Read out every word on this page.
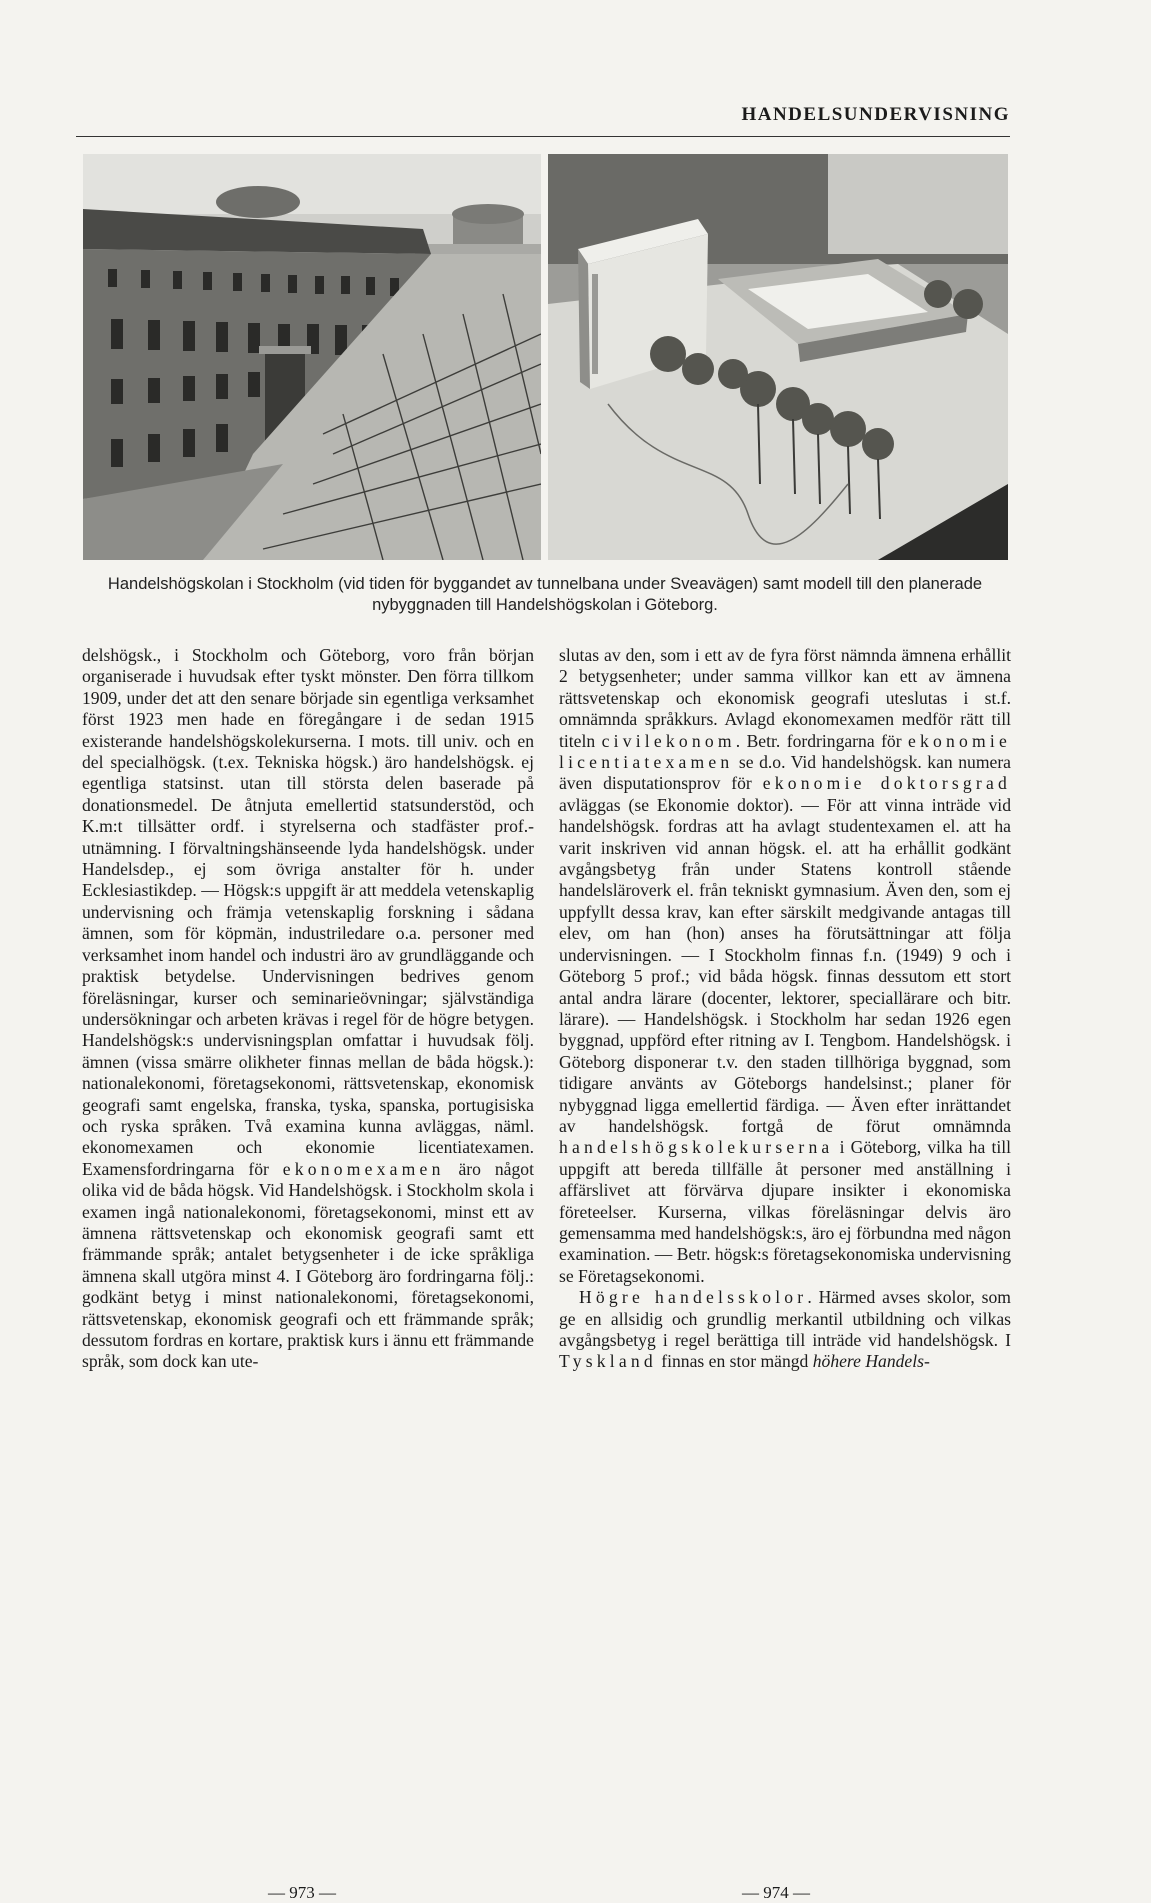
HANDELSUNDERVISNING
Handelshögskolan i Stockholm (vid tiden för byggandet av tunnelbana under Sveavägen) samt modell till den planerade nybyggnaden till Handelshögskolan i Göteborg.

delshögsk., i Stockholm och Göteborg, voro från början organiserade i huvudsak efter tyskt mönster. Den förra tillkom 1909, under det att den senare började sin egentliga verksamhet först 1923 men hade en föregångare i de sedan 1915 existerande handelshögskolekurserna. I mots. till univ. och en del specialhögsk. (t.ex. Tekniska högsk.) äro handelshögsk. ej egentliga statsinst. utan till största delen baserade på donationsmedel. De åtnjuta emellertid statsunderstöd, och K.m:t tillsätter ordf. i styrelserna och stadfäster prof.-utnämning. I förvaltningshänseende lyda handelshögsk. under Handelsdep., ej som övriga anstalter för h. under Ecklesiastikdep. — Högsk:s uppgift är att meddela vetenskaplig undervisning och främja vetenskaplig forskning i sådana ämnen, som för köpmän, industriledare o.a. personer med verksamhet inom handel och industri äro av grundläggande och praktisk betydelse. Undervisningen bedrives genom föreläsningar, kurser och seminarieövningar; självständiga undersökningar och arbeten krävas i regel för de högre betygen. Handelshögsk:s undervisningsplan omfattar i huvudsak följ. ämnen (vissa smärre olikheter finnas mellan de båda högsk.): nationalekonomi, företagsekonomi, rättsvetenskap, ekonomisk geografi samt engelska, franska, tyska, spanska, portugisiska och ryska språken. Två examina kunna avläggas, näml. ekonomexamen och ekonomie licentiatexamen. Examensfordringarna för ekonomexamen äro något olika vid de båda högsk. Vid Handelshögsk. i Stockholm skola i examen ingå nationalekonomi, företagsekonomi, minst ett av ämnena rättsvetenskap och ekonomisk geografi samt ett främmande språk; antalet betygsenheter i de icke språkliga ämnena skall utgöra minst 4. I Göteborg äro fordringarna följ.: godkänt betyg i minst nationalekonomi, företagsekonomi, rättsvetenskap, ekonomisk geografi och ett främmande språk; dessutom fordras en kortare, praktisk kurs i ännu ett främmande språk, som dock kan ute-

slutas av den, som i ett av de fyra först nämnda ämnena erhållit 2 betygsenheter; under samma villkor kan ett av ämnena rättsvetenskap och ekonomisk geografi uteslutas i st.f. omnämnda språkkurs. Avlagd ekonomexamen medför rätt till titeln civilekonom. Betr. fordringarna för ekonomie licentiatexamen se d.o. Vid handelshögsk. kan numera även disputationsprov för ekonomie doktorsgrad avläggas (se Ekonomie doktor). — För att vinna inträde vid handelshögsk. fordras att ha avlagt studentexamen el. att ha varit inskriven vid annan högsk. el. att ha erhållit godkänt avgångsbetyg från under Statens kontroll stående handelsläroverk el. från tekniskt gymnasium. Även den, som ej uppfyllt dessa krav, kan efter särskilt medgivande antagas till elev, om han (hon) anses ha förutsättningar att följa undervisningen. — I Stockholm finnas f.n. (1949) 9 och i Göteborg 5 prof.; vid båda högsk. finnas dessutom ett stort antal andra lärare (docenter, lektorer, speciallärare och bitr. lärare). — Handelshögsk. i Stockholm har sedan 1926 egen byggnad, uppförd efter ritning av I. Tengbom. Handelshögsk. i Göteborg disponerar t.v. den staden tillhöriga byggnad, som tidigare använts av Göteborgs handelsinst.; planer för nybyggnad ligga emellertid färdiga. — Även efter inrättandet av handelshögsk. fortgå de förut omnämnda handelshögskolekurserna i Göteborg, vilka ha till uppgift att bereda tillfälle åt personer med anställning i affärslivet att förvärva djupare insikter i ekonomiska företeelser. Kurserna, vilkas föreläsningar delvis äro gemensamma med handelshögsk:s, äro ej förbundna med någon examination. — Betr. högsk:s företagsekonomiska undervisning se Företagsekonomi.

Högre handelsskolor. Härmed avses skolor, som ge en allsidig och grundlig merkantil utbildning och vilkas avgångsbetyg i regel berättiga till inträde vid handelshögsk. I Tyskland finnas en stor mängd höhere Handels-

— 973 —	— 974 —
